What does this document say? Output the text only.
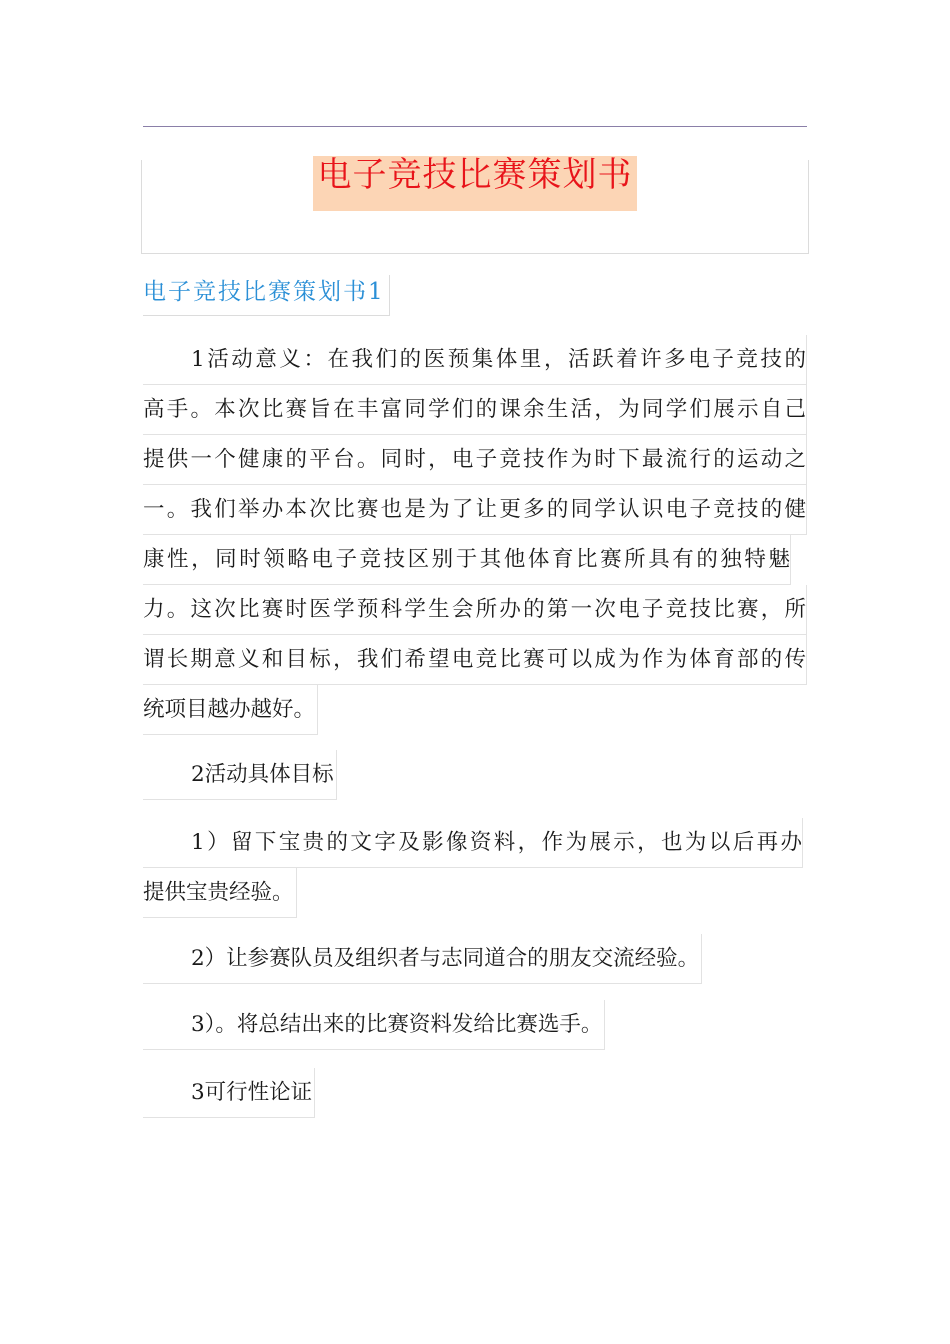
电子竞技比赛策划书
电子竞技比赛策划书1
1活动意义：在我们的医预集体里，活跃着许多电子竞技的
高手。本次比赛旨在丰富同学们的课余生活，为同学们展示自己
提供一个健康的平台。同时，电子竞技作为时下最流行的运动之
一。我们举办本次比赛也是为了让更多的同学认识电子竞技的健
康性，同时领略电子竞技区别于其他体育比赛所具有的独特魅
力。这次比赛时医学预科学生会所办的第一次电子竞技比赛，所
谓长期意义和目标，我们希望电竞比赛可以成为作为体育部的传
统项目越办越好。
2活动具体目标
1）留下宝贵的文字及影像资料，作为展示，也为以后再办
提供宝贵经验。
2）让参赛队员及组织者与志同道合的朋友交流经验。
3）。将总结出来的比赛资料发给比赛选手。
3可行性论证
